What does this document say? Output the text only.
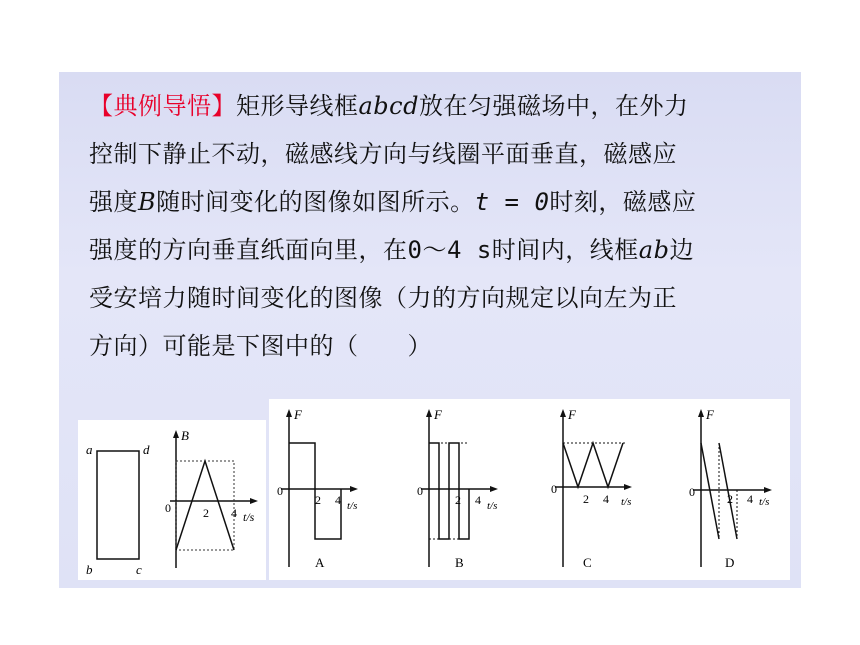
【典例导悟】矩形导线框abcd放在匀强磁场中，在外力
控制下静止不动，磁感线方向与线圈平面垂直，磁感应
强度B随时间变化的图像如图所示。t = 0时刻，磁感应
强度的方向垂直纸面向里，在0～4 s时间内，线框ab边
受安培力随时间变化的图像（力的方向规定以向左为正
方向）可能是下图中的（　　）
a	d
b	c
B
0	2 4 t/s
F
0
2 4 t/s
A
F
0
2 4 t/s
B
F
0
2 4 t/s
C
F
0	2 4 t/s
D
